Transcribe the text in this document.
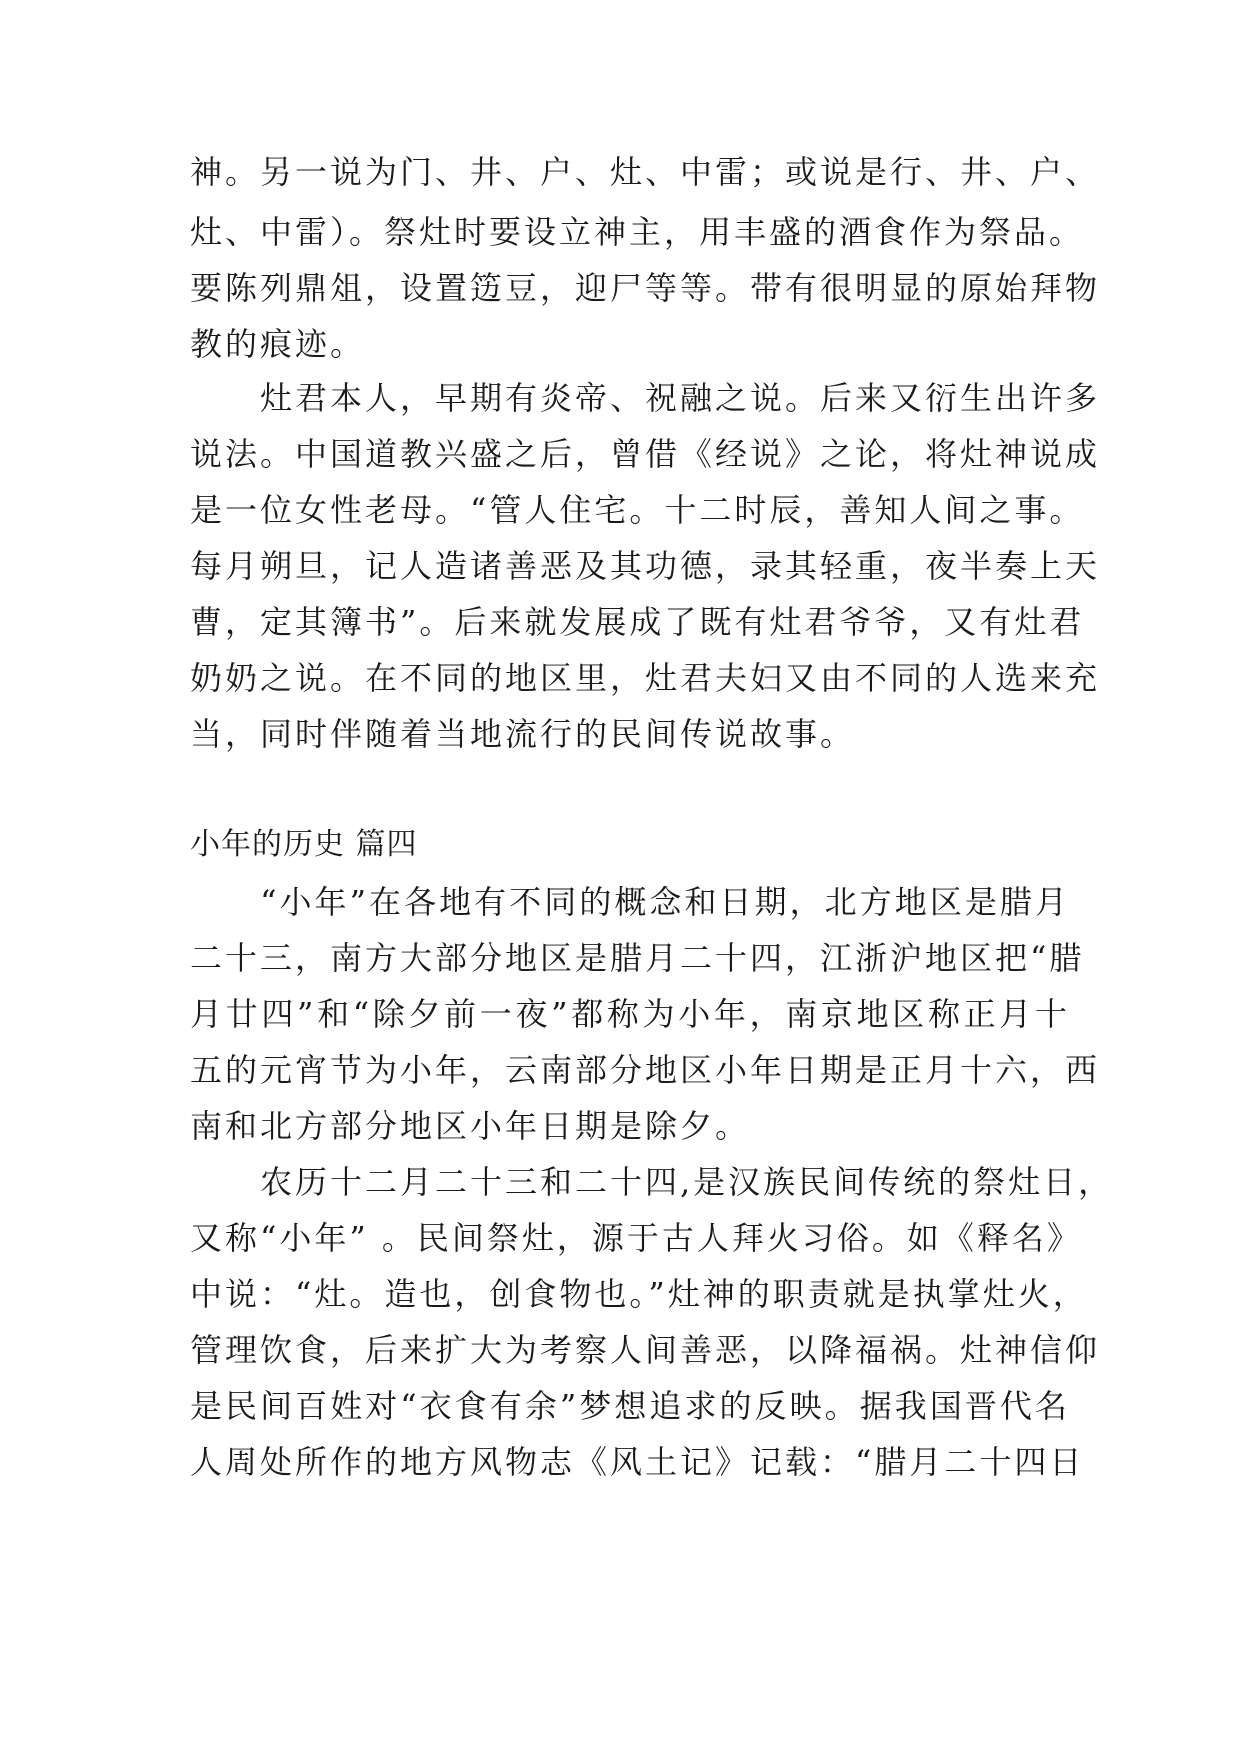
神。另一说为门、井、户、灶、中雷；或说是行、井、户、
灶、中雷）。祭灶时要设立神主，用丰盛的酒食作为祭品。
要陈列鼎俎，设置笾豆，迎尸等等。带有很明显的原始拜物
教的痕迹。
　　灶君本人，早期有炎帝、祝融之说。后来又衍生出许多
说法。中国道教兴盛之后，曾借《经说》之论，将灶神说成
是一位女性老母。“管人住宅。十二时辰，善知人间之事。
每月朔旦，记人造诸善恶及其功德，录其轻重，夜半奏上天
曹，定其簿书”。后来就发展成了既有灶君爷爷，又有灶君
奶奶之说。在不同的地区里，灶君夫妇又由不同的人选来充
当，同时伴随着当地流行的民间传说故事。
小年的历史 篇四
　　“小年”在各地有不同的概念和日期，北方地区是腊月
二十三，南方大部分地区是腊月二十四，江浙沪地区把“腊
月廿四”和“除夕前一夜”都称为小年，南京地区称正月十
五的元宵节为小年，云南部分地区小年日期是正月十六，西
南和北方部分地区小年日期是除夕。
　　农历十二月二十三和二十四,是汉族民间传统的祭灶日，
又称“小年” 。民间祭灶，源于古人拜火习俗。如《释名》
中说：“灶。造也，创食物也。”灶神的职责就是执掌灶火，
管理饮食，后来扩大为考察人间善恶，以降福祸。灶神信仰
是民间百姓对“衣食有余”梦想追求的反映。据我国晋代名
人周处所作的地方风物志《风土记》记载：“腊月二十四日
